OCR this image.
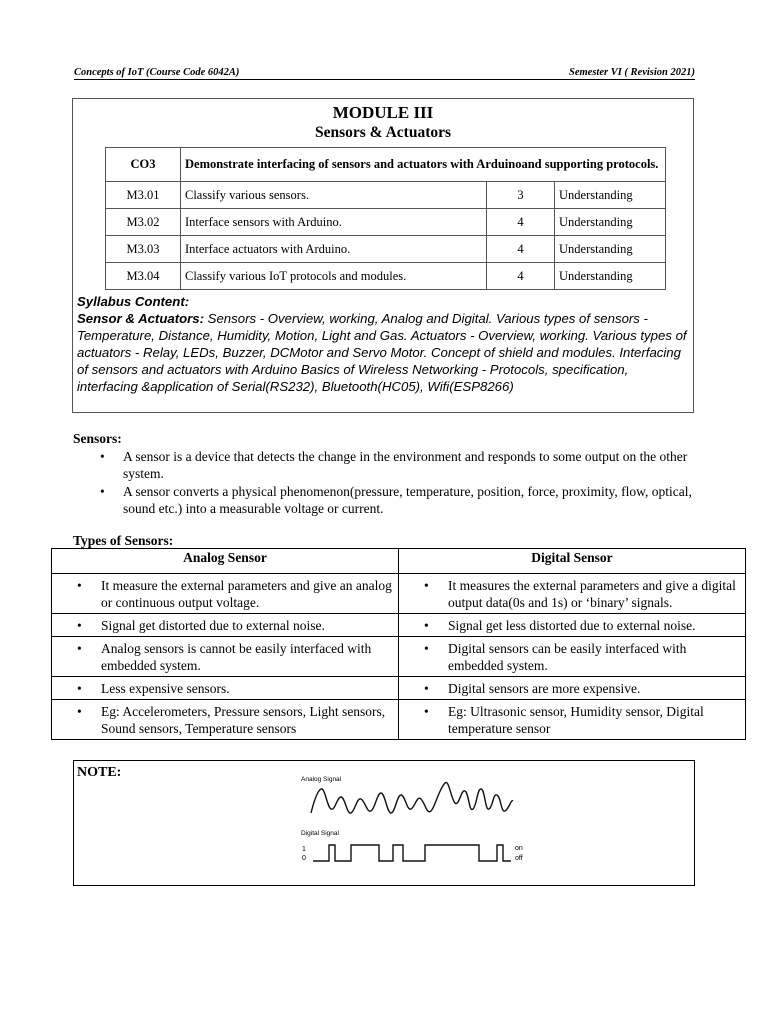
Concepts of IoT (Course Code 6042A)	Semester VI ( Revision 2021)
MODULE III
Sensors & Actuators
CO3	Demonstrate interfacing of sensors and actuators with Arduinoand supporting protocols.		
M3.01	Classify various sensors.	3	Understanding
M3.02	Interface sensors with Arduino.	4	Understanding
M3.03	Interface actuators with Arduino.	4	Understanding
M3.04	Classify various IoT protocols and modules.	4	Understanding
Syllabus Content:
Sensor & Actuators: Sensors - Overview, working, Analog and Digital. Various types of sensors - Temperature, Distance, Humidity, Motion, Light and Gas. Actuators - Overview, working. Various types of actuators - Relay, LEDs, Buzzer, DCMotor and Servo Motor. Concept of shield and modules. Interfacing of sensors and actuators with Arduino Basics of Wireless Networking - Protocols, specification, interfacing &application of Serial(RS232), Bluetooth(HC05), Wifi(ESP8266)
Sensors:
• A sensor is a device that detects the change in the environment and responds to some output on the other system.
• A sensor converts a physical phenomenon(pressure, temperature, position, force, proximity, flow, optical, sound etc.) into a measurable voltage or current.
Types of Sensors:
Analog Sensor	Digital Sensor

• It measure the external parameters and give an analog or continuous output voltage.	• It measures the external parameters and give a digital output data(0s and 1s) or ‘binary’ signals.

• Signal get distorted due to external noise.	• Signal get less distorted due to external noise.

• Analog sensors is cannot be easily interfaced with embedded system.	• Digital sensors can be easily interfaced with embedded system.

• Less expensive sensors.	• Digital sensors are more expensive.

• Eg: Accelerometers, Pressure sensors, Light sensors, Sound sensors, Temperature sensors	• Eg: Ultrasonic sensor, Humidity sensor, Digital temperature sensor
NOTE:	Analog Signal
Digital Signal
1
0
on
off
